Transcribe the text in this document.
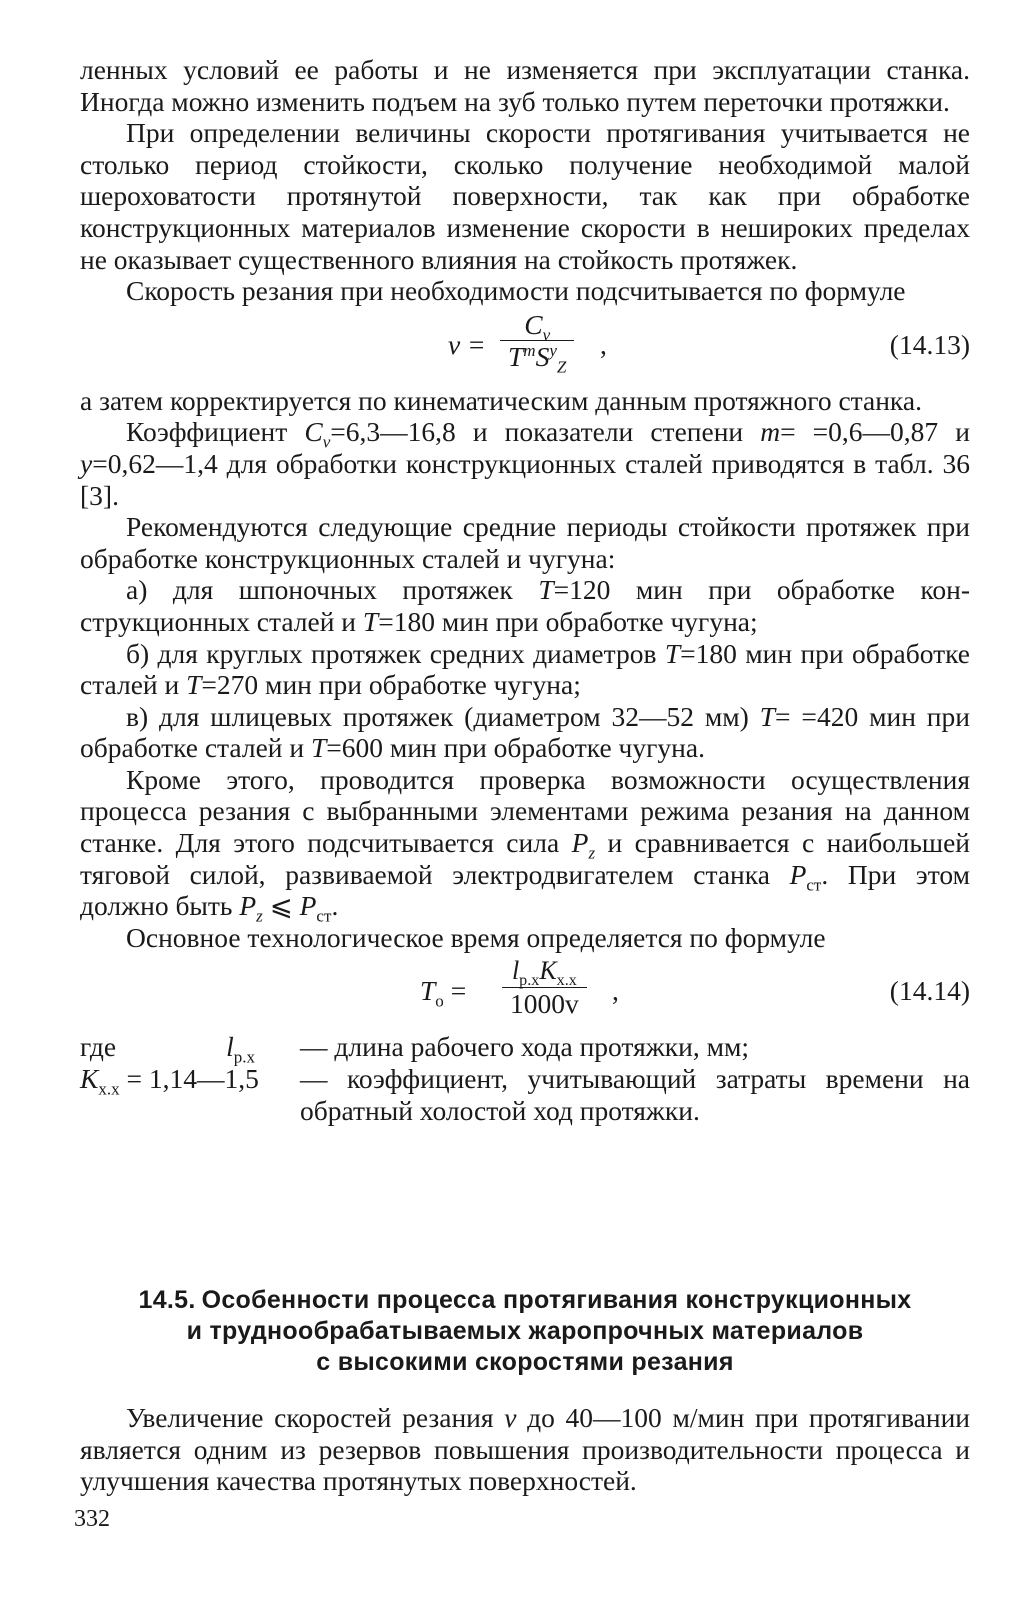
ленных условий ее работы и не изменяется при эксплуатации станка. Иногда можно изменить подъем на зуб только путем переточки протяжки.

При определении величины скорости протягивания учитывается не столько период стойкости, сколько получение необходимой малой шероховатости протянутой поверхности, так как при обработке конструкционных материалов изменение скорости в нешироких пределах не оказывает существенного влияния на стойкость протяжек.

Скорость резания при необходимости подсчитывается по формуле

v =
$C_v$
$T^mS^y_Z$
,	(14.13)

а затем корректируется по кинематическим данным протяжного станка.

Коэффициент $C_v=6,3—16,8$ и показатели степени m= =0,6—0,87 и y=0,62—1,4 для обработки конструкционных сталей приводятся в табл. 36 [3].

Рекомендуются следующие средние периоды стойкости протяжек при обработке конструкционных сталей и чугуна:

а) для шпоночных протяжек T=120 мин при обработке конструкционных сталей и T=180 мин при обработке чугуна;

б) для круглых протяжек средних диаметров T=180 мин при обработке сталей и T=270 мин при обработке чугуна;

в) для шлицевых протяжек (диаметром 32—52 мм) T= =420 мин при обработке сталей и T=600 мин при обработке чугуна.

Кроме этого, проводится проверка возможности осуществления процесса резания с выбранными элементами режима резания на данном станке. Для этого подсчитывается сила $P_z$ и сравнивается с наибольшей тяговой силой, развиваемой электродвигателем станка $P_{ст}$. При этом должно быть $P_z$ ⩽ $P_{ст}$.

Основное технологическое время определяется по формуле

$T_o$ =
$l_{р.х}K_{х.х}$
1000v ,	(14.14)
где	$l_{р.х}$	— длина рабочего хода протяжки, мм;
$K_{х.х}$ = 1,14—1,5	— коэффициент, учитывающий затраты времени на обратный холостой ход протяжки.
14.5. Особенности процесса протягивания конструкционных
и труднообрабатываемых жаропрочных материалов
с высокими скоростями резания

Увеличение скоростей резания v до 40—100 м/мин при протягивании является одним из резервов повышения производительности процесса и улучшения качества протянутых поверхностей.

332
